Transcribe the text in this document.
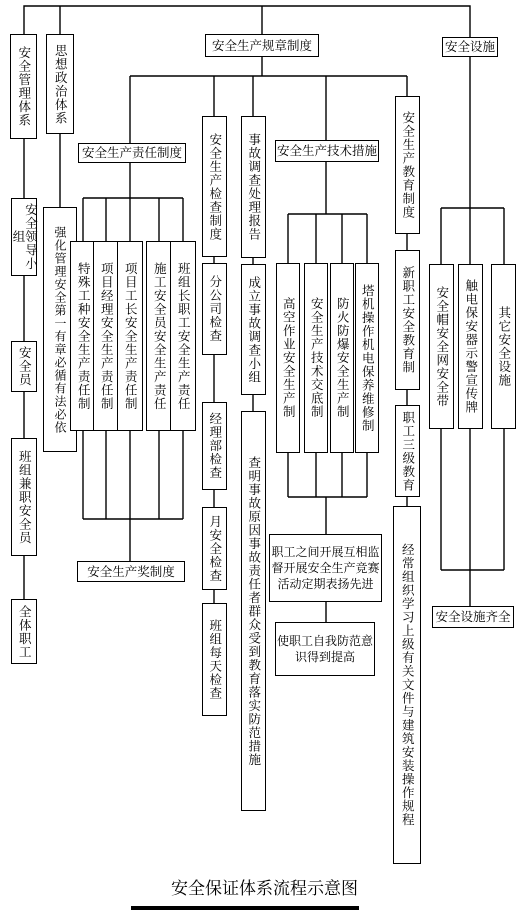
安全管理体系 思想政治体系	安全生产规章制度	安全设施
安全领导小组
安全员
班组兼职安全员
全体职工
强化管理安全第一有章必循有法必依
安全生产责任制度
特殊工种安全生产责任制 项目经理安全生产责任制 项目工长安全生产责任制 施工安全员安全生产责任 班组长职工安全生产责任
安全生产奖制度
安全生产检查制度
分公司检查
经理部检查
月安全检查
班组每天检查
事故调查处理报告
成立事故调查小组
查明事故原因事故责任者群众受到教育落实防范措施
安全生产技术措施
高空作业安全生产制 安全生产技术交底制 防火防爆安全生产制 塔机操作机电保养维修制
职工之间开展互相监督开展安全生产竞赛活动定期表扬先进
使职工自我防范意识得到提高
安全生产教育制度
新职工安全教育制
职工三级教育
经常组织学习上级有关文件与建筑安装操作规程
安全帽安全网安全带 触电保安器示警宣传牌 其它安全设施
安全设施齐全
安全保证体系流程示意图
